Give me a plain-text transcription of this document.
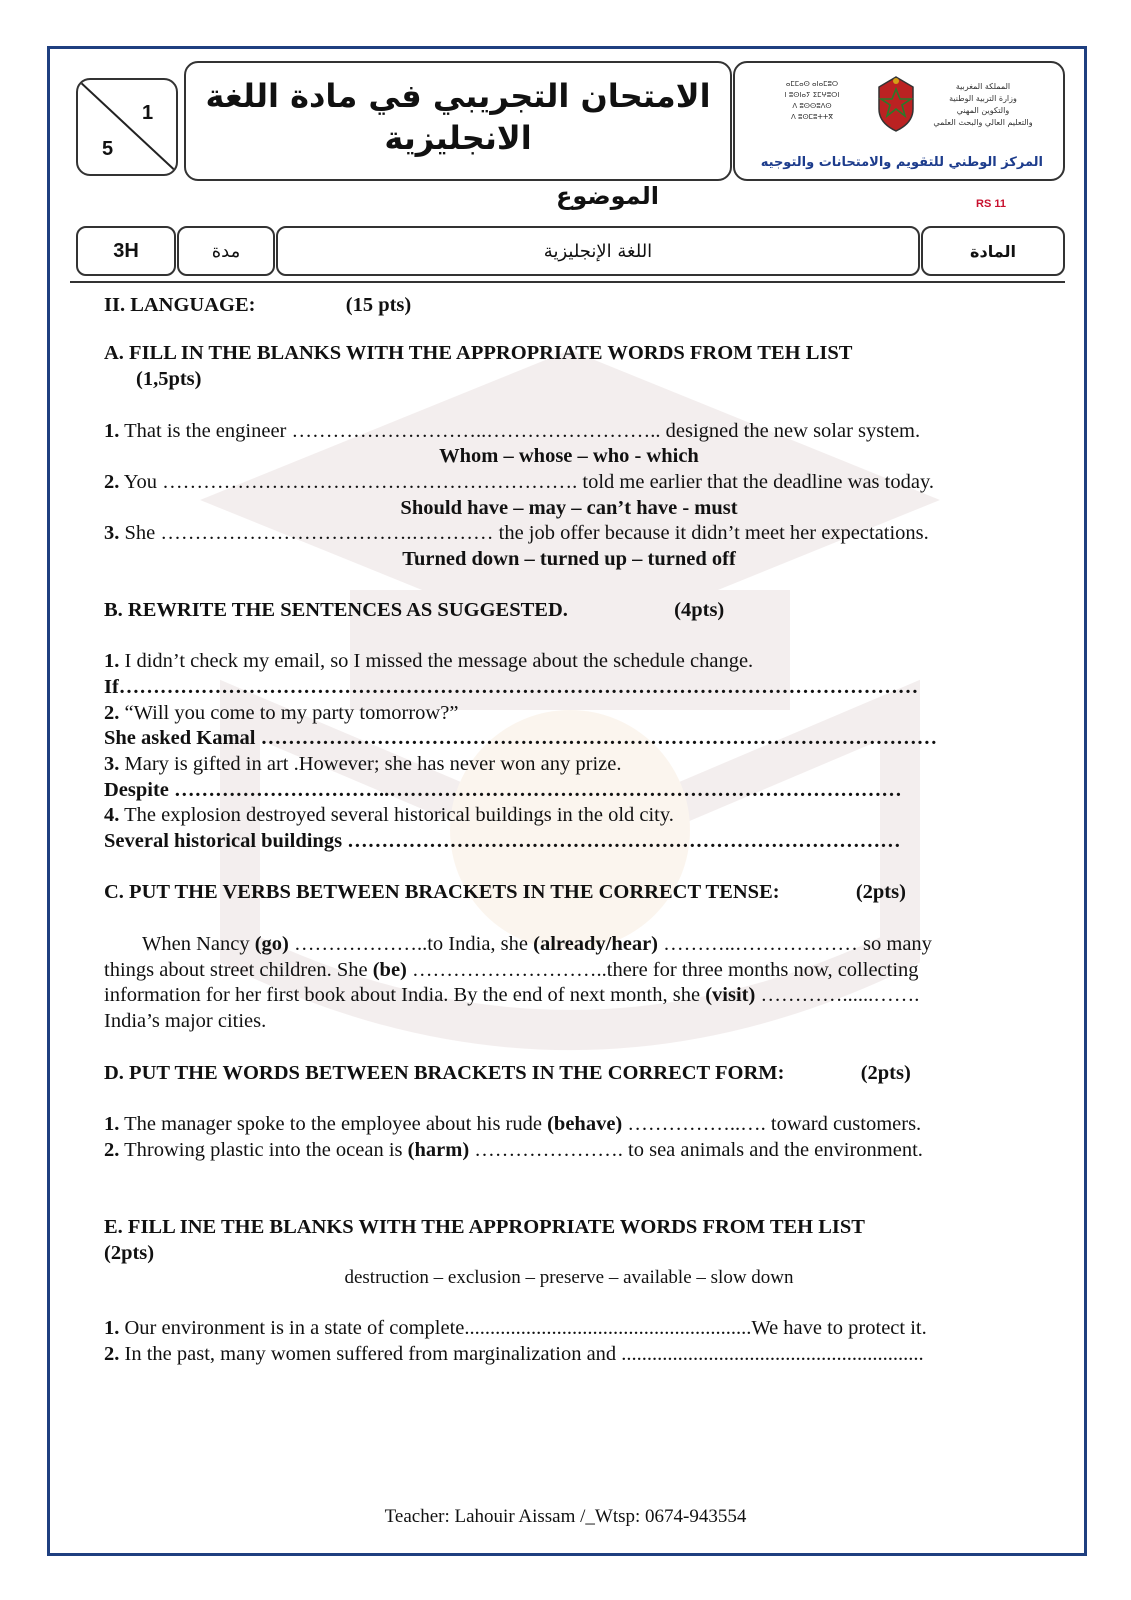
1
5
الامتحان التجريبي في مادة اللغة
الانجليزية
ⴰⵎⵎⴰⵙ ⴰⵏⴰⵎⵓⵔ
ⵏ ⵓⵙⵏⴰⵢ ⵉⵎⵖⵓⵔⵏ
ⴷ ⵓⵙⵙⵓⴷⵙ
ⴷ ⵓⵙⵎⵓⵜⵜⴳ
المملكة المغربية
وزارة التربية الوطنية
والتكوين المهني
والتعليم العالي والبحث العلمي
المركز الوطني للتقويم والامتحانات والتوجيه
الموضوع	RS 11
3H	مدة	اللغة الإنجليزية	المادة
II. LANGUAGE:	(15 pts)
A. FILL IN THE BLANKS WITH THE APPROPRIATE WORDS FROM TEH LIST
(1,5pts)
1. That is the engineer ………………………..…………………….. designed the new solar system.
Whom – whose – who - which
2. You ……………………………………………………. told me earlier that the deadline was today.
Should have – may – can’t have - must
3. She ……………………………….………… the job offer because it didn’t meet her expectations.
Turned down – turned up – turned off
B. REWRITE THE SENTENCES AS SUGGESTED.	(4pts)
1. I didn’t check my email, so I missed the message about the schedule change.
If………………………………………………………………………………………………………
2. “Will you come to my party tomorrow?”
She asked Kamal ………………………………………………………………………………………
3. Mary is gifted in art .However; she has never won any prize.
Despite …………………………..…………………………………………………………………
4. The explosion destroyed several historical buildings in the old city.
Several historical buildings ………………………………………………………………………
C. PUT THE VERBS BETWEEN BRACKETS IN THE CORRECT TENSE:	(2pts)
When Nancy (go) ………………..to India, she (already/hear) ………..……………… so many
things about street children. She (be) ………………………..there for three months now, collecting
information for her first book about India. By the end of next month, she (visit) …………......…….
India’s major cities.
D. PUT THE WORDS BETWEEN BRACKETS IN THE CORRECT FORM:	(2pts)
1. The manager spoke to the employee about his rude (behave) ……………..…. toward customers.
2. Throwing plastic into the ocean is (harm) …………………. to sea animals and the environment.
E. FILL INE THE BLANKS WITH THE APPROPRIATE WORDS FROM TEH LIST
(2pts)
destruction – exclusion – preserve – available – slow down
1. Our environment is in a state of complete........................................................We have to protect it.
2. In the past, many women suffered from marginalization and ...........................................................
Teacher: Lahouir Aissam /_Wtsp: 0674-943554
